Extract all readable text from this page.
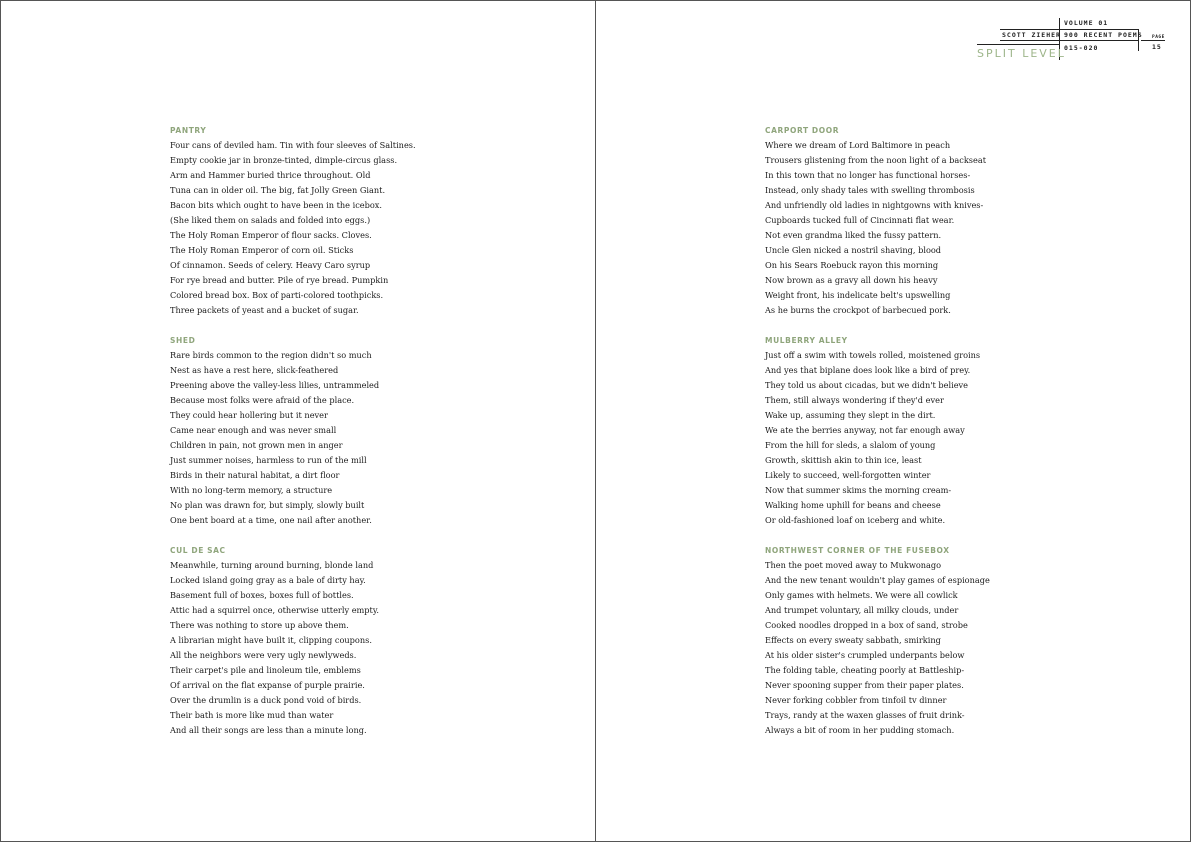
VOLUME 01
SCOTT ZIEHER 900 RECENT POEMS
015-020
PAGE
15
SPLIT LEVEL
PANTRY
Four cans of deviled ham. Tin with four sleeves of Saltines.
Empty cookie jar in bronze-tinted, dimple-circus glass.
Arm and Hammer buried thrice throughout. Old
Tuna can in older oil. The big, fat Jolly Green Giant.
Bacon bits which ought to have been in the icebox.
(She liked them on salads and folded into eggs.)
The Holy Roman Emperor of flour sacks. Cloves.
The Holy Roman Emperor of corn oil. Sticks
Of cinnamon. Seeds of celery. Heavy Caro syrup
For rye bread and butter. Pile of rye bread. Pumpkin
Colored bread box. Box of parti-colored toothpicks.
Three packets of yeast and a bucket of sugar.
SHED
Rare birds common to the region didn't so much
Nest as have a rest here, slick-feathered
Preening above the valley-less lilies, untrammeled
Because most folks were afraid of the place.
They could hear hollering but it never
Came near enough and was never small
Children in pain, not grown men in anger
Just summer noises, harmless to run of the mill
Birds in their natural habitat, a dirt floor
With no long-term memory, a structure
No plan was drawn for, but simply, slowly built
One bent board at a time, one nail after another.
CUL DE SAC
Meanwhile, turning around burning, blonde land
Locked island going gray as a bale of dirty hay.
Basement full of boxes, boxes full of bottles.
Attic had a squirrel once, otherwise utterly empty.
There was nothing to store up above them.
A librarian might have built it, clipping coupons.
All the neighbors were very ugly newlyweds.
Their carpet's pile and linoleum tile, emblems
Of arrival on the flat expanse of purple prairie.
Over the drumlin is a duck pond void of birds.
Their bath is more like mud than water
And all their songs are less than a minute long.
CARPORT DOOR
Where we dream of Lord Baltimore in peach
Trousers glistening from the noon light of a backseat
In this town that no longer has functional horses-
Instead, only shady tales with swelling thrombosis
And unfriendly old ladies in nightgowns with knives-
Cupboards tucked full of Cincinnati flat wear.
Not even grandma liked the fussy pattern.
Uncle Glen nicked a nostril shaving, blood
On his Sears Roebuck rayon this morning
Now brown as a gravy all down his heavy
Weight front, his indelicate belt's upswelling
As he burns the crockpot of barbecued pork.
MULBERRY ALLEY
Just off a swim with towels rolled, moistened groins
And yes that biplane does look like a bird of prey.
They told us about cicadas, but we didn't believe
Them, still always wondering if they'd ever
Wake up, assuming they slept in the dirt.
We ate the berries anyway, not far enough away
From the hill for sleds, a slalom of young
Growth, skittish akin to thin ice, least
Likely to succeed, well-forgotten winter
Now that summer skims the morning cream-
Walking home uphill for beans and cheese
Or old-fashioned loaf on iceberg and white.
NORTHWEST CORNER OF THE FUSEBOX
Then the poet moved away to Mukwonago
And the new tenant wouldn't play games of espionage
Only games with helmets. We were all cowlick
And trumpet voluntary, all milky clouds, under
Cooked noodles dropped in a box of sand, strobe
Effects on every sweaty sabbath, smirking
At his older sister's crumpled underpants below
The folding table, cheating poorly at Battleship-
Never spooning supper from their paper plates.
Never forking cobbler from tinfoil tv dinner
Trays, randy at the waxen glasses of fruit drink-
Always a bit of room in her pudding stomach.
